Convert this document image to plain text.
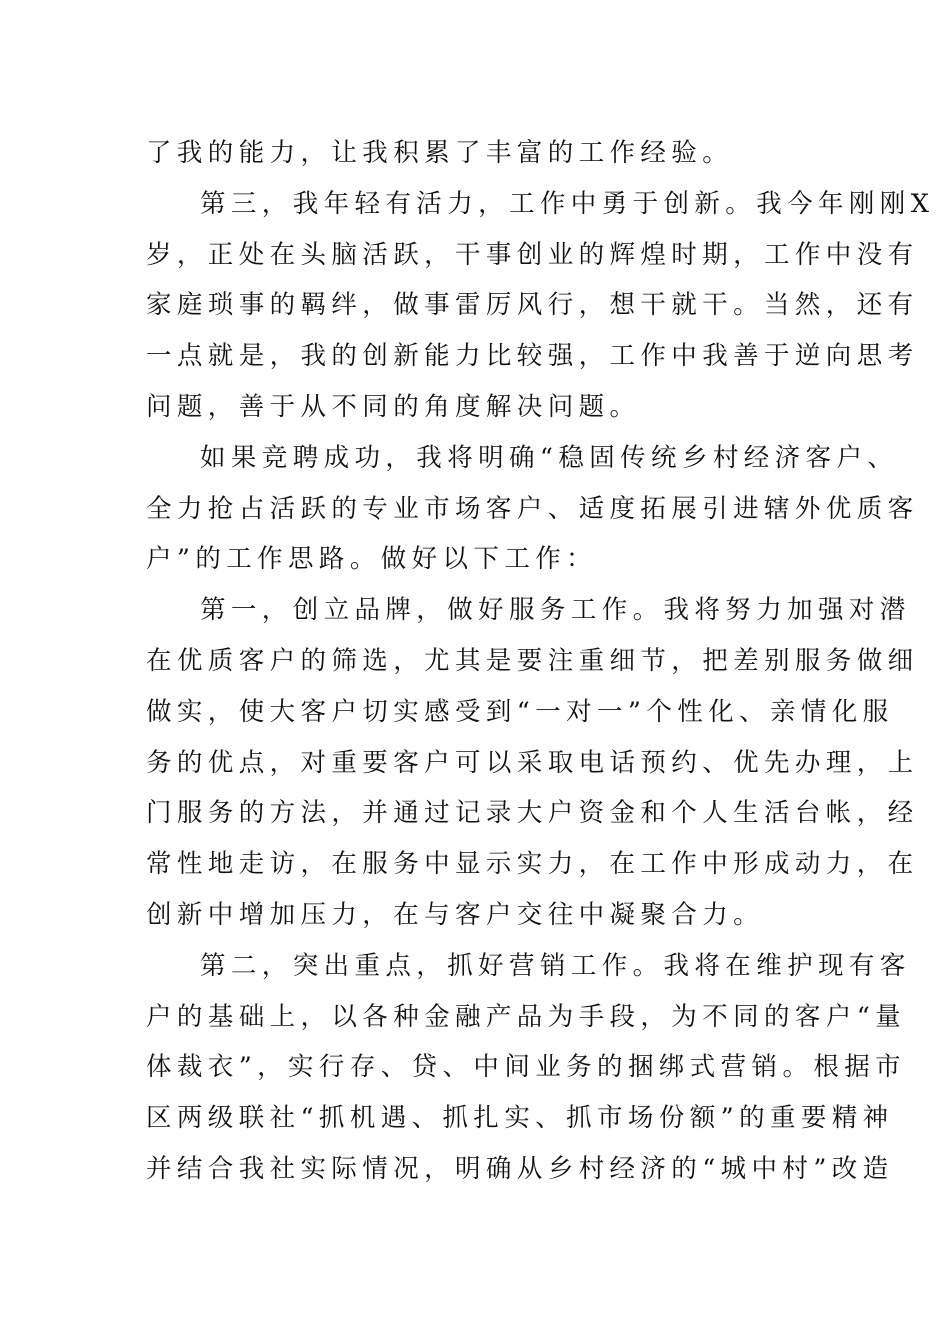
了我的能力，让我积累了丰富的工作经验。
第三，我年轻有活力，工作中勇于创新。我今年刚刚X
岁，正处在头脑活跃，干事创业的辉煌时期，工作中没有
家庭琐事的羁绊，做事雷厉风行，想干就干。当然，还有
一点就是，我的创新能力比较强，工作中我善于逆向思考
问题，善于从不同的角度解决问题。
如果竞聘成功，我将明确“稳固传统乡村经济客户、
全力抢占活跃的专业市场客户、适度拓展引进辖外优质客
户”的工作思路。做好以下工作：
第一，创立品牌，做好服务工作。我将努力加强对潜
在优质客户的筛选，尤其是要注重细节，把差别服务做细
做实，使大客户切实感受到“一对一”个性化、亲情化服
务的优点，对重要客户可以采取电话预约、优先办理，上
门服务的方法，并通过记录大户资金和个人生活台帐，经
常性地走访，在服务中显示实力，在工作中形成动力，在
创新中增加压力，在与客户交往中凝聚合力。
第二，突出重点，抓好营销工作。我将在维护现有客
户的基础上，以各种金融产品为手段，为不同的客户“量
体裁衣”，实行存、贷、中间业务的捆绑式营销。根据市
区两级联社“抓机遇、抓扎实、抓市场份额”的重要精神
并结合我社实际情况，明确从乡村经济的“城中村”改造
